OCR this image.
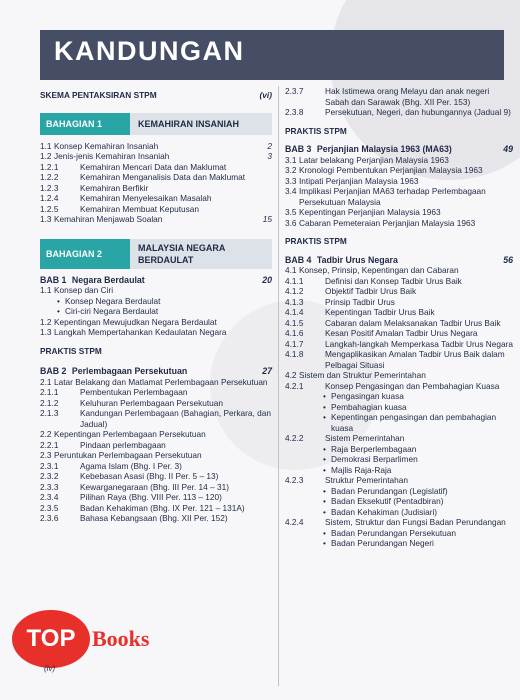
KANDUNGAN
SKEMA PENTAKSIRAN STPM	(vi)
BAHAGIAN 1	KEMAHIRAN INSANIAH
1.1 Konsep Kemahiran Insaniah	2
1.2 Jenis-jenis Kemahiran Insaniah	3
1.2.1	Kemahiran Mencari Data dan Maklumat
1.2.2	Kemahiran Menganalisis Data dan Maklumat
1.2.3	Kemahiran Berfikir
1.2.4	Kemahiran Menyelesaikan Masalah
1.2.5	Kemahiran Membuat Keputusan
1.3 Kemahiran Menjawab Soalan	15
BAHAGIAN 2
MALAYSIA NEGARA BERDAULAT
BAB 1 Negara Berdaulat	20
1.1 Konsep dan Ciri
• Konsep Negara Berdaulat
• Ciri-ciri Negara Berdaulat
1.2 Kepentingan Mewujudkan Negara Berdaulat
1.3 Langkah Mempertahankan Kedaulatan Negara
PRAKTIS STPM
BAB 2 Perlembagaan Persekutuan	27
2.1 Latar Belakang dan Matlamat Perlembagaan Persekutuan
2.1.1	Pembentukan Perlembagaan
2.1.2	Keluhuran Perlembagaan Persekutuan
2.1.3	Kandungan Perlembagaan (Bahagian, Perkara, dan Jadual)
2.2 Kepentingan Perlembagaan Persekutuan
2.2.1	Pindaan perlembagaan
2.3 Peruntukan Perlembagaan Persekutuan
2.3.1	Agama Islam (Bhg. I Per. 3)
2.3.2	Kebebasan Asasi (Bhg. II Per. 5 – 13)
2.3.3	Kewarganegaraan (Bhg. III Per. 14 – 31)
2.3.4	Pilihan Raya (Bhg. VIII Per. 113 – 120)
2.3.5	Badan Kehakiman (Bhg. IX Per. 121 – 131A)
2.3.6	Bahasa Kebangsaan (Bhg. XII Per. 152)
2.3.7	Hak Istimewa orang Melayu dan anak negeri Sabah dan Sarawak (Bhg. XII Per. 153)
2.3.8	Persekutuan, Negeri, dan hubungannya (Jadual 9)
PRAKTIS STPM
BAB 3 Perjanjian Malaysia 1963 (MA63)	49
3.1 Latar belakang Perjanjian Malaysia 1963
3.2 Kronologi Pembentukan Perjanjian Malaysia 1963
3.3 Intipati Perjanjian Malaysia 1963
3.4 Implikasi Perjanjian MA63 terhadap Perlembagaan Persekutuan Malaysia
3.5 Kepentingan Perjanjian Malaysia 1963
3.6 Cabaran Pemeteraian Perjanjian Malaysia 1963
PRAKTIS STPM
BAB 4 Tadbir Urus Negara	56
4.1 Konsep, Prinsip, Kepentingan dan Cabaran
4.1.1	Definisi dan Konsep Tadbir Urus Baik
4.1.2	Objektif Tadbir Urus Baik
4.1.3	Prinsip Tadbir Urus
4.1.4	Kepentingan Tadbir Urus Baik
4.1.5	Cabaran dalam Melaksanakan Tadbir Urus Baik
4.1.6	Kesan Positif Amalan Tadbir Urus Negara
4.1.7	Langkah-langkah Memperkasa Tadbir Urus Negara
4.1.8	Mengaplikasikan Amalan Tadbir Urus Baik dalam Pelbagai Situasi
4.2 Sistem dan Struktur Pemerintahan
4.2.1	Konsep Pengasingan dan Pembahagian Kuasa
• Pengasingan kuasa
• Pembahagian kuasa
• Kepentingan pengasingan dan pembahagian kuasa
4.2.2	Sistem Pemerintahan
• Raja Berperlembagaan
• Demokrasi Berparlimen
• Majlis Raja-Raja
4.2.3	Struktur Pemerintahan
• Badan Perundangan (Legislatif)
• Badan Eksekutif (Pentadbiran)
• Badan Kehakiman (Judisiari)
4.2.4	Sistem, Struktur dan Fungsi Badan Perundangan
• Badan Perundangan Persekutuan
• Badan Perundangan Negeri
TOP Books
(iv)
